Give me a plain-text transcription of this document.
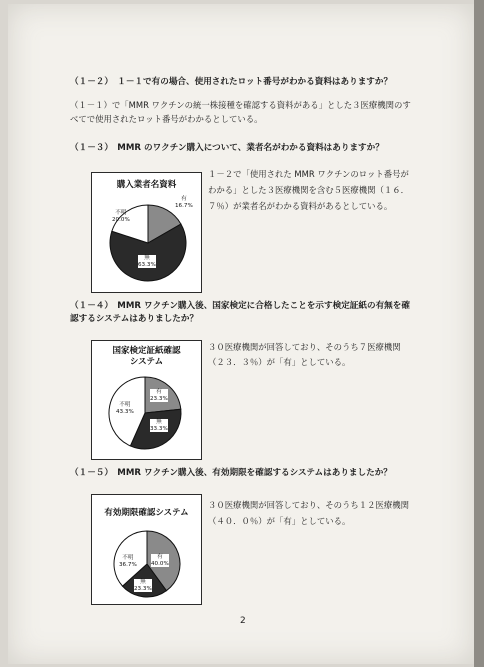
（１－２）　１－１で有の場合、使用されたロット番号がわかる資料はありますか？
（１－１）で「MMR ワクチンの統一株接種を確認する資料がある」とした３医療機関のす
べてで使用されたロット番号がわかるとしている。
（１－３）　MMR のワクチン購入について、業者名がわかる資料はありますか？
購入業者名資料
有
16.7%
不明
20.0%
無
63.3%
１－２で「使用された MMR ワクチンのロット番号が
わかる」とした３医療機関を含む５医療機関（１６．
７％）が業者名がわかる資料があるとしている。
（１－４）　MMR ワクチン購入後、国家検定に合格したことを示す検定証紙の有無を確
認するシステムはありましたか？
国家検定証紙確認
システム
有
23.3%
不明
43.3%
無
33.3%
３０医療機関が回答しており、そのうち７医療機関
（２３．３％）が「有」としている。
（１－５）　MMR ワクチン購入後、有効期限を確認するシステムはありましたか？
有効期限確認システム
有
40.0%
不明
36.7%
無
23.3%
３０医療機関が回答しており、そのうち１２医療機関
（４０．０％）が「有」としている。
2
